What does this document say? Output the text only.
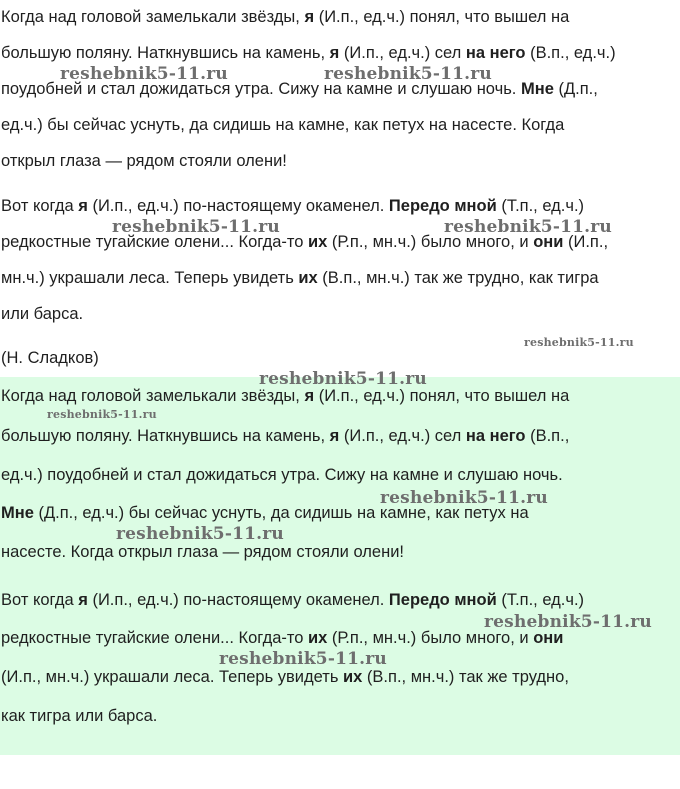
Когда над головой замелькали звёзды, я (И.п., ед.ч.) понял, что вышел на
большую поляну. Наткнувшись на камень, я (И.п., ед.ч.) сел на него (В.п., ед.ч.)
поудобней и стал дожидаться утра. Сижу на камне и слушаю ночь. Мне (Д.п.,
ед.ч.) бы сейчас уснуть, да сидишь на камне, как петух на насесте. Когда
открыл глаза — рядом стояли олени!
Вот когда я (И.п., ед.ч.) по-настоящему окаменел. Передо мной (Т.п., ед.ч.)
редкостные тугайские олени... Когда-то их (Р.п., мн.ч.) было много, и они (И.п.,
мн.ч.) украшали леса. Теперь увидеть их (В.п., мн.ч.) так же трудно, как тигра
или барса.
(Н. Сладков)
Когда над головой замелькали звёзды, я (И.п., ед.ч.) понял, что вышел на
большую поляну. Наткнувшись на камень, я (И.п., ед.ч.) сел на него (В.п.,
ед.ч.) поудобней и стал дожидаться утра. Сижу на камне и слушаю ночь.
Мне (Д.п., ед.ч.) бы сейчас уснуть, да сидишь на камне, как петух на
насесте. Когда открыл глаза — рядом стояли олени!
Вот когда я (И.п., ед.ч.) по-настоящему окаменел. Передо мной (Т.п., ед.ч.)
редкостные тугайские олени... Когда-то их (Р.п., мн.ч.) было много, и они
(И.п., мн.ч.) украшали леса. Теперь увидеть их (В.п., мн.ч.) так же трудно,
как тигра или барса.
reshebnik5-11.ru	reshebnik5-11.ru
reshebnik5-11.ru	reshebnik5-11.ru
reshebnik5-11.ru
reshebnik5-11.ru
reshebnik5-11.ru
reshebnik5-11.ru
reshebnik5-11.ru
reshebnik5-11.ru
reshebnik5-11.ru
